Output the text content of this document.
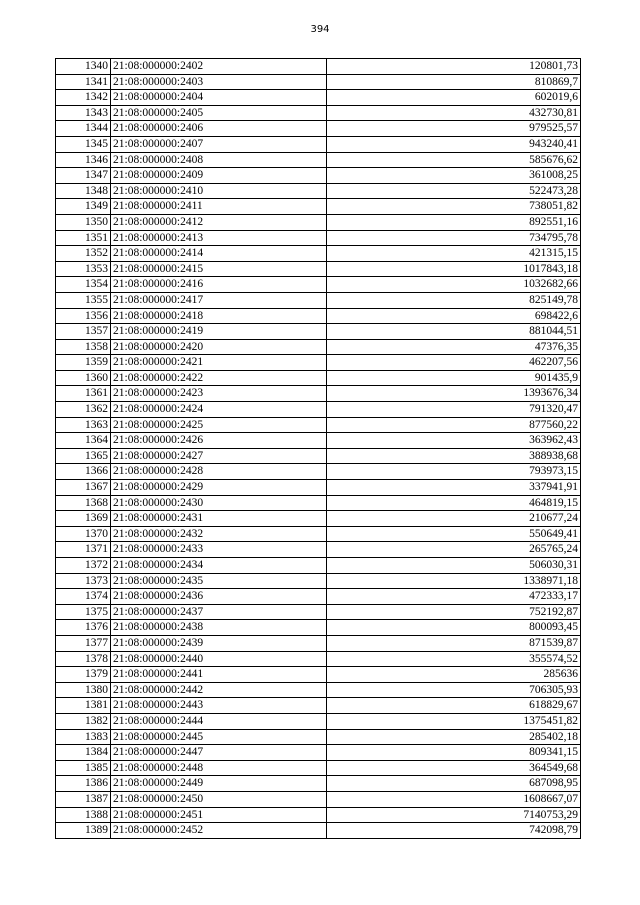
394
1340	21:08:000000:2402	120801,73
1341	21:08:000000:2403	810869,7
1342	21:08:000000:2404	602019,6
1343	21:08:000000:2405	432730,81
1344	21:08:000000:2406	979525,57
1345	21:08:000000:2407	943240,41
1346	21:08:000000:2408	585676,62
1347	21:08:000000:2409	361008,25
1348	21:08:000000:2410	522473,28
1349	21:08:000000:2411	738051,82
1350	21:08:000000:2412	892551,16
1351	21:08:000000:2413	734795,78
1352	21:08:000000:2414	421315,15
1353	21:08:000000:2415	1017843,18
1354	21:08:000000:2416	1032682,66
1355	21:08:000000:2417	825149,78
1356	21:08:000000:2418	698422,6
1357	21:08:000000:2419	881044,51
1358	21:08:000000:2420	47376,35
1359	21:08:000000:2421	462207,56
1360	21:08:000000:2422	901435,9
1361	21:08:000000:2423	1393676,34
1362	21:08:000000:2424	791320,47
1363	21:08:000000:2425	877560,22
1364	21:08:000000:2426	363962,43
1365	21:08:000000:2427	388938,68
1366	21:08:000000:2428	793973,15
1367	21:08:000000:2429	337941,91
1368	21:08:000000:2430	464819,15
1369	21:08:000000:2431	210677,24
1370	21:08:000000:2432	550649,41
1371	21:08:000000:2433	265765,24
1372	21:08:000000:2434	506030,31
1373	21:08:000000:2435	1338971,18
1374	21:08:000000:2436	472333,17
1375	21:08:000000:2437	752192,87
1376	21:08:000000:2438	800093,45
1377	21:08:000000:2439	871539,87
1378	21:08:000000:2440	355574,52
1379	21:08:000000:2441	285636
1380	21:08:000000:2442	706305,93
1381	21:08:000000:2443	618829,67
1382	21:08:000000:2444	1375451,82
1383	21:08:000000:2445	285402,18
1384	21:08:000000:2447	809341,15
1385	21:08:000000:2448	364549,68
1386	21:08:000000:2449	687098,95
1387	21:08:000000:2450	1608667,07
1388	21:08:000000:2451	7140753,29
1389	21:08:000000:2452	742098,79
